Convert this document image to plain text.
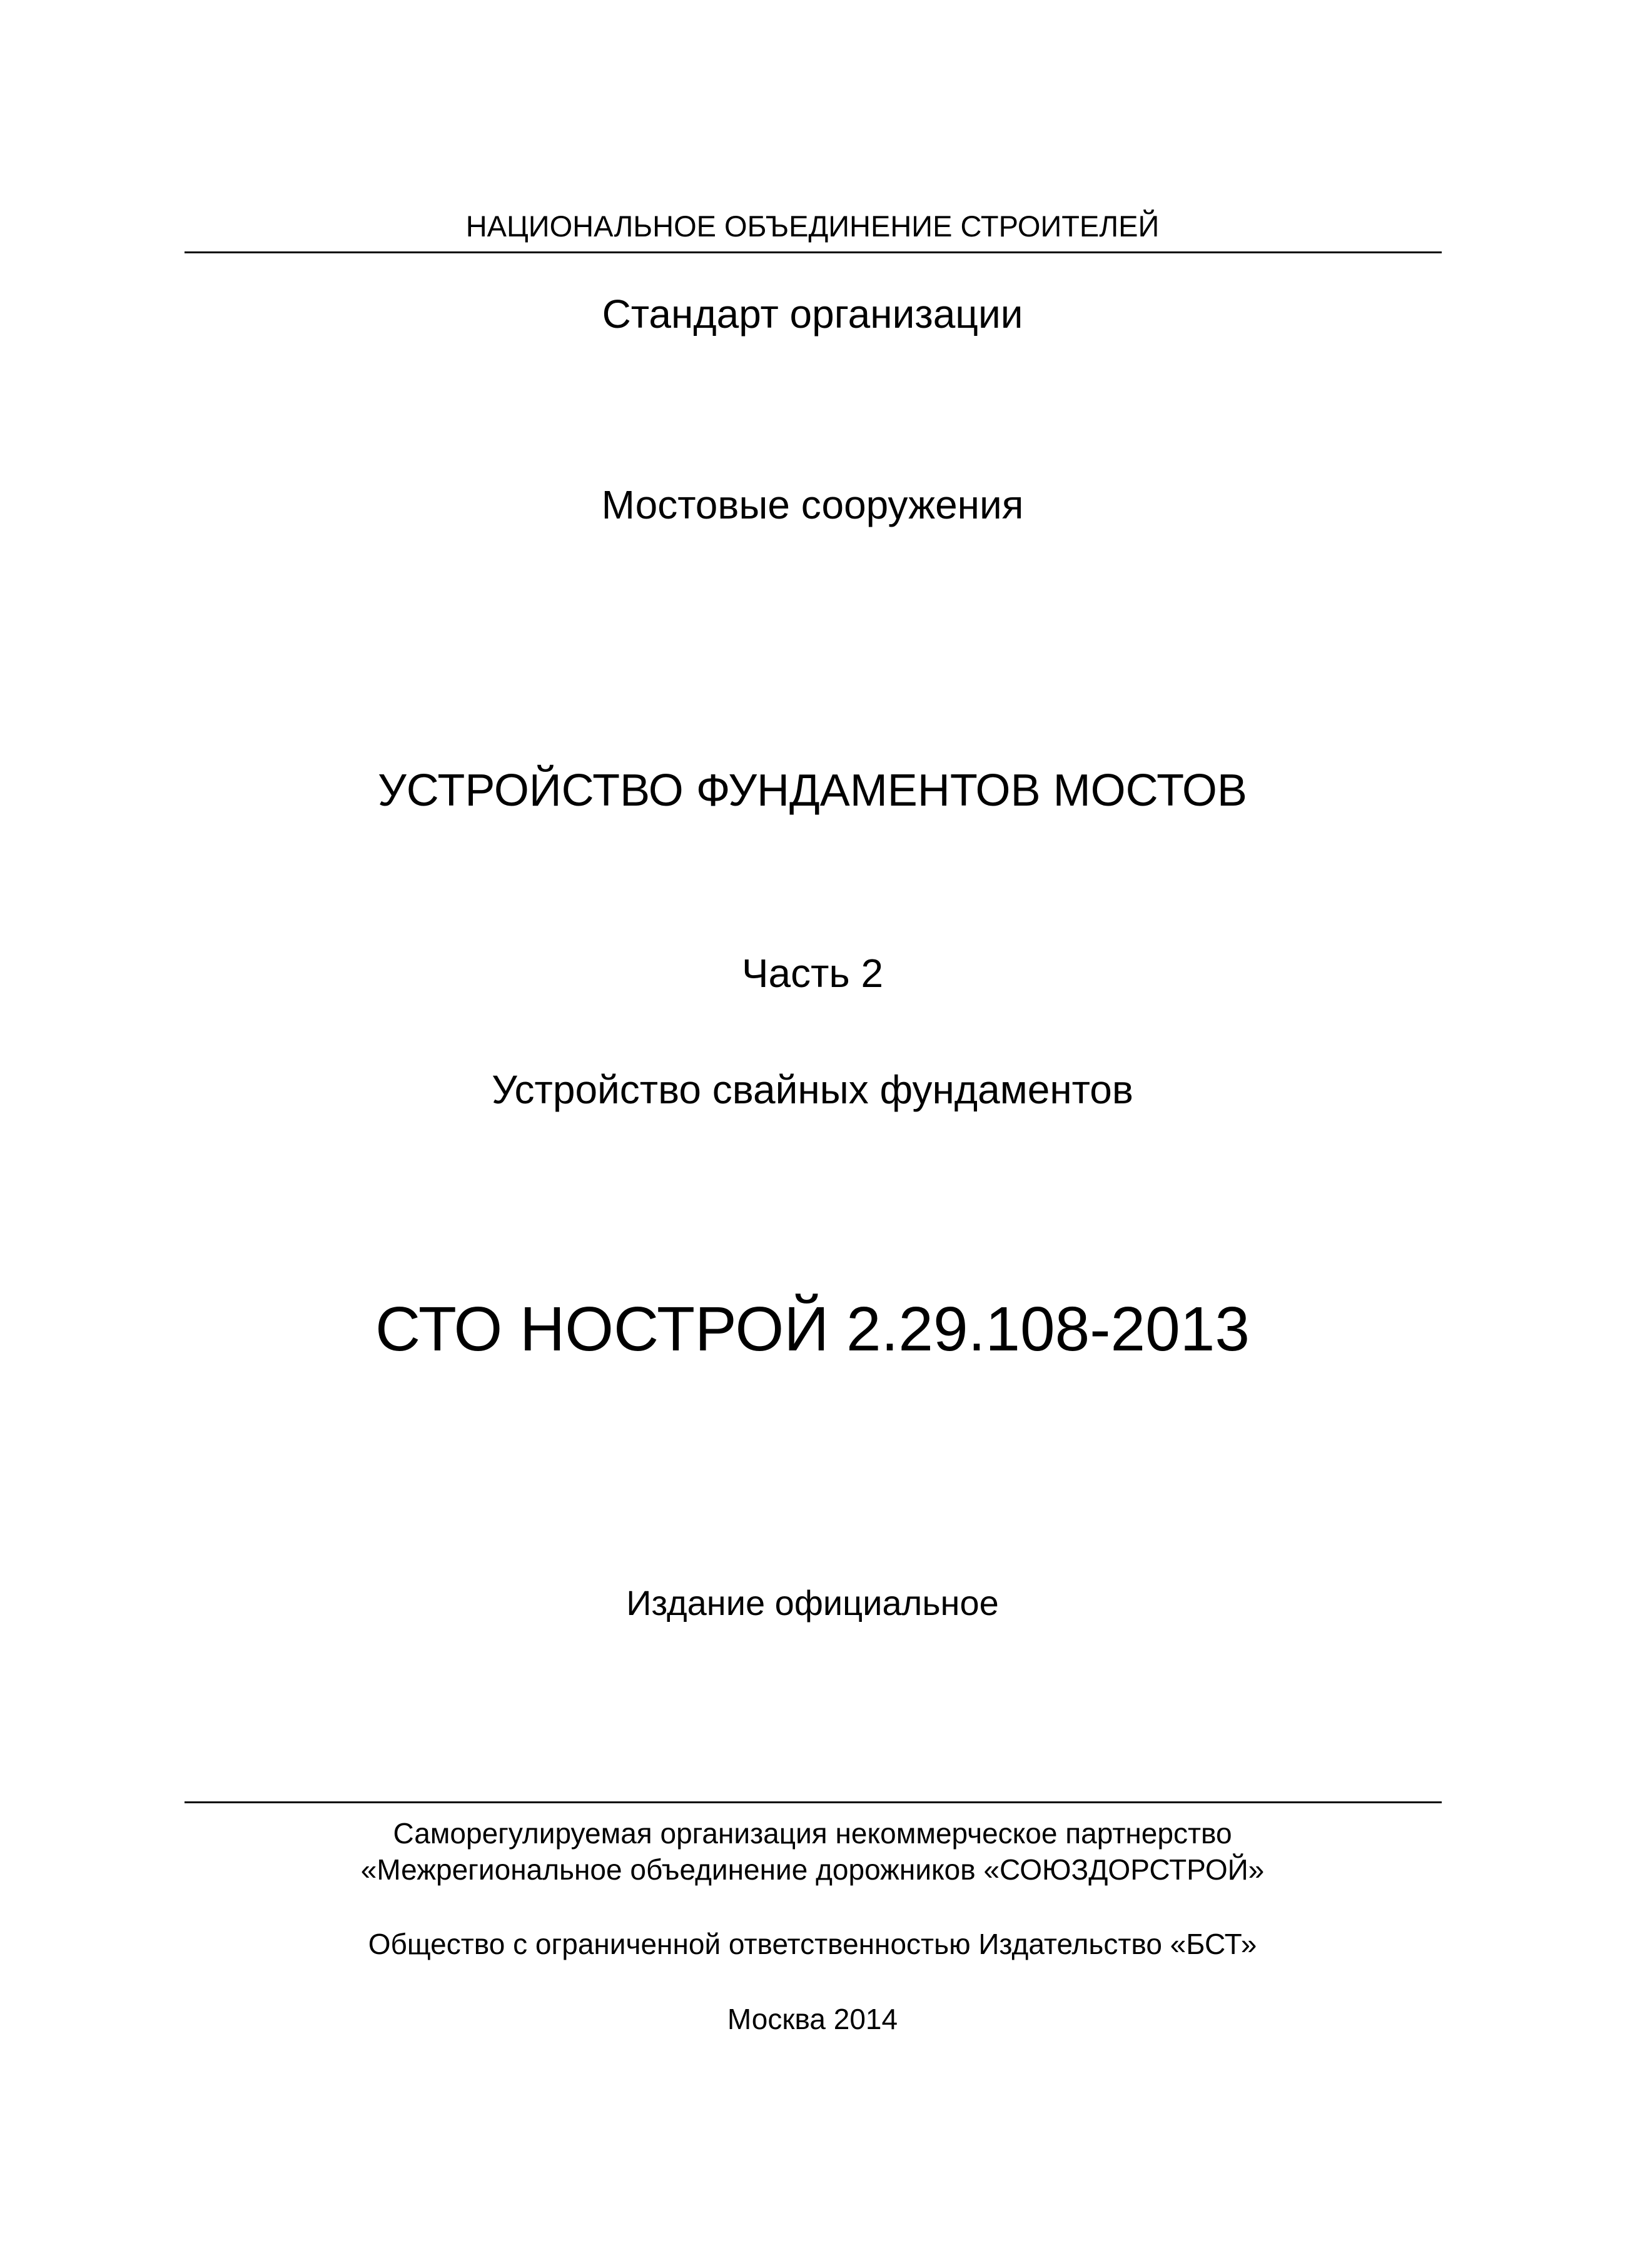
НАЦИОНАЛЬНОЕ ОБЪЕДИНЕНИЕ СТРОИТЕЛЕЙ
Стандарт организации
Мостовые сооружения
УСТРОЙСТВО ФУНДАМЕНТОВ МОСТОВ
Часть 2
Устройство свайных фундаментов
СТО НОСТРОЙ 2.29.108-2013
Издание официальное
Саморегулируемая организация некоммерческое партнерство
«Межрегиональное объединение дорожников «СОЮЗДОРСТРОЙ»
Общество с ограниченной ответственностью Издательство «БСТ»
Москва 2014
